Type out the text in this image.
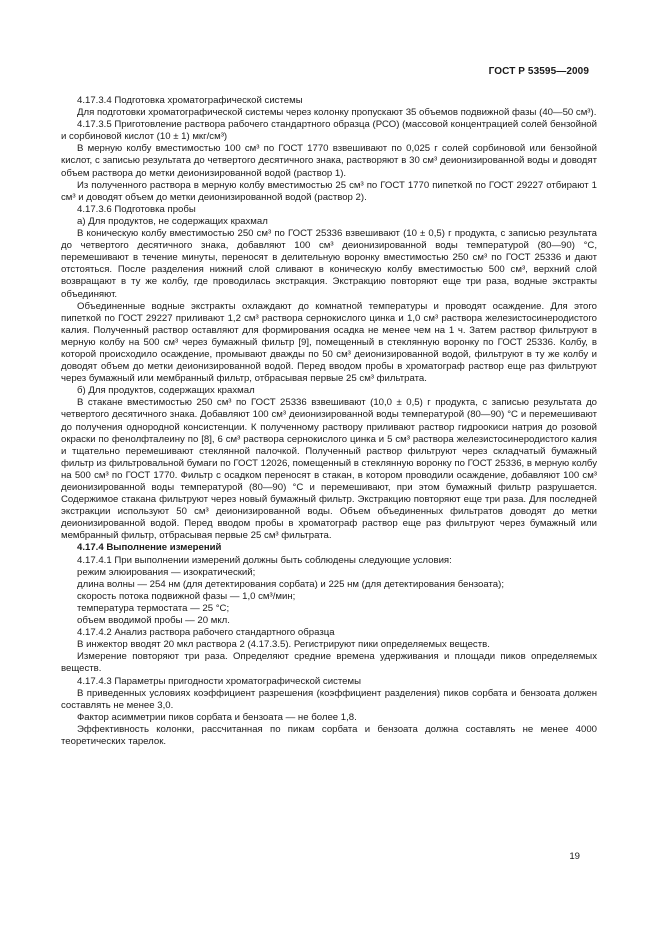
ГОСТ Р 53595—2009

4.17.3.4 Подготовка хроматографической системы

Для подготовки хроматографической системы через колонку пропускают 35 объемов подвижной фазы (40—50 см³).

4.17.3.5 Приготовление раствора рабочего стандартного образца (РСО) (массовой концентрацией солей бензойной и сорбиновой кислот (10 ± 1) мкг/см³)

В мерную колбу вместимостью 100 см³ по ГОСТ 1770 взвешивают по 0,025 г солей сорбиновой или бензойной кислот, с записью результата до четвертого десятичного знака, растворяют в 30 см³ деионизированной воды и доводят объем раствора до метки деионизированной водой (раствор 1).

Из полученного раствора в мерную колбу вместимостью 25 см³ по ГОСТ 1770 пипеткой по ГОСТ 29227 отбирают 1 см³ и доводят объем до метки деионизированной водой (раствор 2).

4.17.3.6 Подготовка пробы

а) Для продуктов, не содержащих крахмал

В коническую колбу вместимостью 250 см³ по ГОСТ 25336 взвешивают (10 ± 0,5) г продукта, с записью результата до четвертого десятичного знака, добавляют 100 см³ деионизированной воды температурой (80—90) °С, перемешивают в течение минуты, переносят в делительную воронку вместимостью 250 см³ по ГОСТ 25336 и дают отстояться. После разделения нижний слой сливают в коническую колбу вместимостью 500 см³, верхний слой возвращают в ту же колбу, где проводилась экстракция. Экстракцию повторяют еще три раза, водные экстракты объединяют.

Объединенные водные экстракты охлаждают до комнатной температуры и проводят осаждение. Для этого пипеткой по ГОСТ 29227 приливают 1,2 см³ раствора сернокислого цинка и 1,0 см³ раствора железистосинеродистого калия. Полученный раствор оставляют для формирования осадка не менее чем на 1 ч. Затем раствор фильтруют в мерную колбу на 500 см³ через бумажный фильтр [9], помещенный в стеклянную воронку по ГОСТ 25336. Колбу, в которой происходило осаждение, промывают дважды по 50 см³ деионизированной водой, фильтруют в ту же колбу и доводят объем до метки деионизированной водой. Перед вводом пробы в хроматограф раствор еще раз фильтруют через бумажный или мембранный фильтр, отбрасывая первые 25 см³ фильтрата.

б) Для продуктов, содержащих крахмал

В стакане вместимостью 250 см³ по ГОСТ 25336 взвешивают (10,0 ± 0,5) г продукта, с записью результата до четвертого десятичного знака. Добавляют 100 см³ деионизированной воды температурой (80—90) °С и перемешивают до получения однородной консистенции. К полученному раствору приливают раствор гидроокиси натрия до розовой окраски по фенолфталеину по [8], 6 см³ раствора сернокислого цинка и 5 см³ раствора железистосинеродистого калия и тщательно перемешивают стеклянной палочкой. Полученный раствор фильтруют через складчатый бумажный фильтр из фильтровальной бумаги по ГОСТ 12026, помещенный в стеклянную воронку по ГОСТ 25336, в мерную колбу на 500 см³ по ГОСТ 1770. Фильтр с осадком переносят в стакан, в котором проводили осаждение, добавляют 100 см³ деионизированной воды температурой (80—90) °С и перемешивают, при этом бумажный фильтр разрушается. Содержимое стакана фильтруют через новый бумажный фильтр. Экстракцию повторяют еще три раза. Для последней экстракции используют 50 см³ деионизированной воды. Объем объединенных фильтратов доводят до метки деионизированной водой. Перед вводом пробы в хроматограф раствор еще раз фильтруют через бумажный или мембранный фильтр, отбрасывая первые 25 см³ фильтрата.

4.17.4 Выполнение измерений

4.17.4.1 При выполнении измерений должны быть соблюдены следующие условия:

режим элюирования — изократический;

длина волны — 254 нм (для детектирования сорбата) и 225 нм (для детектирования бензоата);

скорость потока подвижной фазы — 1,0 см³/мин;

температура термостата — 25 °С;

объем вводимой пробы — 20 мкл.

4.17.4.2 Анализ раствора рабочего стандартного образца

В инжектор вводят 20 мкл раствора 2 (4.17.3.5). Регистрируют пики определяемых веществ.

Измерение повторяют три раза. Определяют средние времена удерживания и площади пиков определяемых веществ.

4.17.4.3 Параметры пригодности хроматографической системы

В приведенных условиях коэффициент разрешения (коэффициент разделения) пиков сорбата и бензоата должен составлять не менее 3,0.

Фактор асимметрии пиков сорбата и бензоата — не более 1,8.

Эффективность колонки, рассчитанная по пикам сорбата и бензоата должна составлять не менее 4000 теоретических тарелок.

19
